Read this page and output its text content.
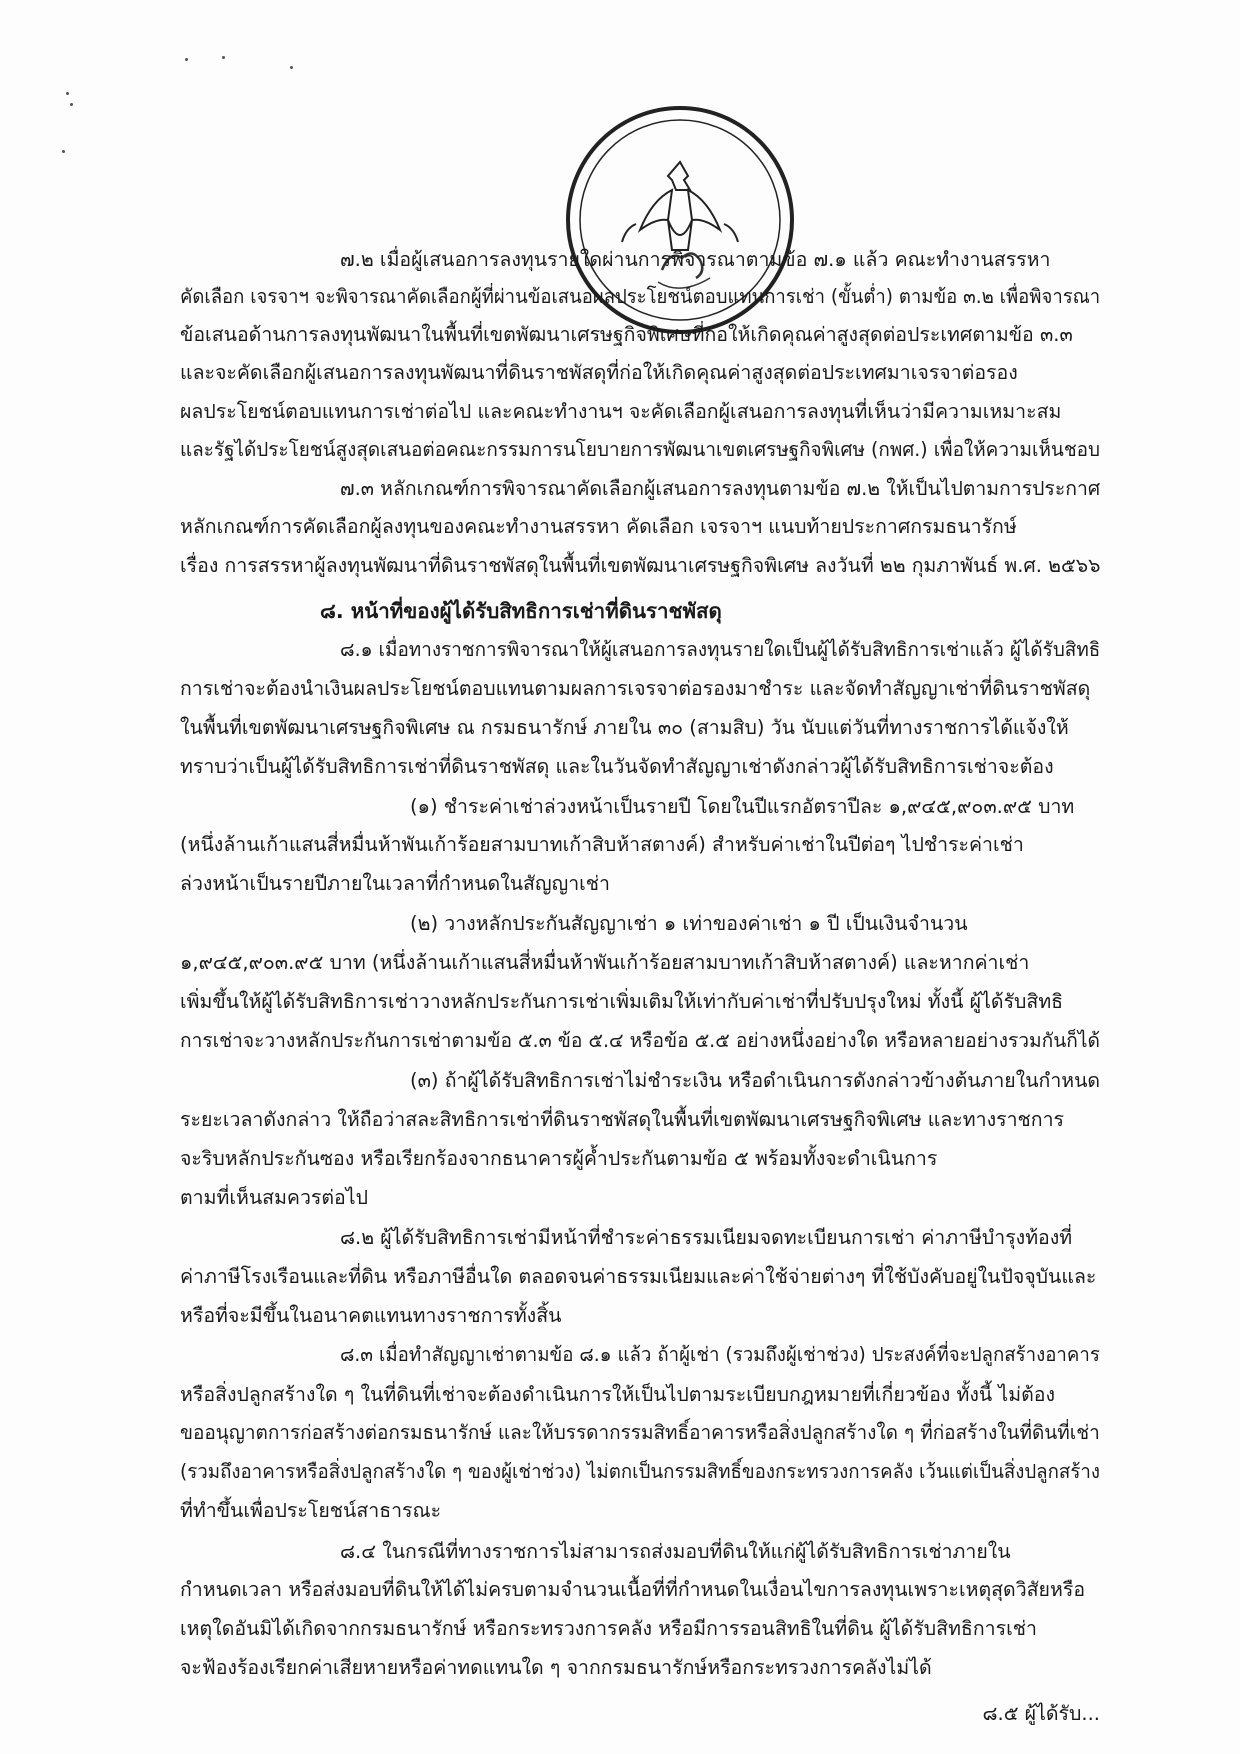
๗.๒ เมื่อผู้เสนอการลงทุนรายใดผ่านการพิจารณาตามข้อ ๗.๑ แล้ว คณะทำงานสรรหา
คัดเลือก เจรจาฯ จะพิจารณาคัดเลือกผู้ที่ผ่านข้อเสนอผลประโยชน์ตอบแทนการเช่า (ขั้นต่ำ) ตามข้อ ๓.๒ เพื่อพิจารณา
ข้อเสนอด้านการลงทุนพัฒนาในพื้นที่เขตพัฒนาเศรษฐกิจพิเศษที่ก่อให้เกิดคุณค่าสูงสุดต่อประเทศตามข้อ ๓.๓
และจะคัดเลือกผู้เสนอการลงทุนพัฒนาที่ดินราชพัสดุที่ก่อให้เกิดคุณค่าสูงสุดต่อประเทศมาเจรจาต่อรอง
ผลประโยชน์ตอบแทนการเช่าต่อไป และคณะทำงานฯ จะคัดเลือกผู้เสนอการลงทุนที่เห็นว่ามีความเหมาะสม
และรัฐได้ประโยชน์สูงสุดเสนอต่อคณะกรรมการนโยบายการพัฒนาเขตเศรษฐกิจพิเศษ (กพศ.) เพื่อให้ความเห็นชอบ
๗.๓ หลักเกณฑ์การพิจารณาคัดเลือกผู้เสนอการลงทุนตามข้อ ๗.๒ ให้เป็นไปตามการประกาศ
หลักเกณฑ์การคัดเลือกผู้ลงทุนของคณะทำงานสรรหา คัดเลือก เจรจาฯ แนบท้ายประกาศกรมธนารักษ์
เรื่อง การสรรหาผู้ลงทุนพัฒนาที่ดินราชพัสดุในพื้นที่เขตพัฒนาเศรษฐกิจพิเศษ ลงวันที่ ๒๒ กุมภาพันธ์ พ.ศ. ๒๕๖๖
๘. หน้าที่ของผู้ได้รับสิทธิการเช่าที่ดินราชพัสดุ
๘.๑ เมื่อทางราชการพิจารณาให้ผู้เสนอการลงทุนรายใดเป็นผู้ได้รับสิทธิการเช่าแล้ว ผู้ได้รับสิทธิ
การเช่าจะต้องนำเงินผลประโยชน์ตอบแทนตามผลการเจรจาต่อรองมาชำระ และจัดทำสัญญาเช่าที่ดินราชพัสดุ
ในพื้นที่เขตพัฒนาเศรษฐกิจพิเศษ ณ กรมธนารักษ์ ภายใน ๓๐ (สามสิบ) วัน นับแต่วันที่ทางราชการได้แจ้งให้
ทราบว่าเป็นผู้ได้รับสิทธิการเช่าที่ดินราชพัสดุ และในวันจัดทำสัญญาเช่าดังกล่าวผู้ได้รับสิทธิการเช่าจะต้อง
(๑) ชำระค่าเช่าล่วงหน้าเป็นรายปี โดยในปีแรกอัตราปีละ ๑,๙๔๕,๙๐๓.๙๕ บาท
(หนึ่งล้านเก้าแสนสี่หมื่นห้าพันเก้าร้อยสามบาทเก้าสิบห้าสตางค์) สำหรับค่าเช่าในปีต่อๆ ไปชำระค่าเช่า
ล่วงหน้าเป็นรายปีภายในเวลาที่กำหนดในสัญญาเช่า
(๒) วางหลักประกันสัญญาเช่า ๑ เท่าของค่าเช่า ๑ ปี เป็นเงินจำนวน
๑,๙๔๕,๙๐๓.๙๕ บาท (หนึ่งล้านเก้าแสนสี่หมื่นห้าพันเก้าร้อยสามบาทเก้าสิบห้าสตางค์) และหากค่าเช่า
เพิ่มขึ้นให้ผู้ได้รับสิทธิการเช่าวางหลักประกันการเช่าเพิ่มเติมให้เท่ากับค่าเช่าที่ปรับปรุงใหม่ ทั้งนี้ ผู้ได้รับสิทธิ
การเช่าจะวางหลักประกันการเช่าตามข้อ ๕.๓ ข้อ ๕.๔ หรือข้อ ๕.๕ อย่างหนึ่งอย่างใด หรือหลายอย่างรวมกันก็ได้
(๓) ถ้าผู้ได้รับสิทธิการเช่าไม่ชำระเงิน หรือดำเนินการดังกล่าวข้างต้นภายในกำหนด
ระยะเวลาดังกล่าว ให้ถือว่าสละสิทธิการเช่าที่ดินราชพัสดุในพื้นที่เขตพัฒนาเศรษฐกิจพิเศษ และทางราชการ
จะริบหลักประกันซอง หรือเรียกร้องจากธนาคารผู้ค้ำประกันตามข้อ ๕ พร้อมทั้งจะดำเนินการ
ตามที่เห็นสมควรต่อไป
๘.๒ ผู้ได้รับสิทธิการเช่ามีหน้าที่ชำระค่าธรรมเนียมจดทะเบียนการเช่า ค่าภาษีบำรุงท้องที่
ค่าภาษีโรงเรือนและที่ดิน หรือภาษีอื่นใด ตลอดจนค่าธรรมเนียมและค่าใช้จ่ายต่างๆ ที่ใช้บังคับอยู่ในปัจจุบันและ
หรือที่จะมีขึ้นในอนาคตแทนทางราชการทั้งสิ้น
๘.๓ เมื่อทำสัญญาเช่าตามข้อ ๘.๑ แล้ว ถ้าผู้เช่า (รวมถึงผู้เช่าช่วง) ประสงค์ที่จะปลูกสร้างอาคาร
หรือสิ่งปลูกสร้างใด ๆ ในที่ดินที่เช่าจะต้องดำเนินการให้เป็นไปตามระเบียบกฎหมายที่เกี่ยวข้อง ทั้งนี้ ไม่ต้อง
ขออนุญาตการก่อสร้างต่อกรมธนารักษ์ และให้บรรดากรรมสิทธิ์อาคารหรือสิ่งปลูกสร้างใด ๆ ที่ก่อสร้างในที่ดินที่เช่า
(รวมถึงอาคารหรือสิ่งปลูกสร้างใด ๆ ของผู้เช่าช่วง) ไม่ตกเป็นกรรมสิทธิ์ของกระทรวงการคลัง เว้นแต่เป็นสิ่งปลูกสร้าง
ที่ทำขึ้นเพื่อประโยชน์สาธารณะ
๘.๔ ในกรณีที่ทางราชการไม่สามารถส่งมอบที่ดินให้แก่ผู้ได้รับสิทธิการเช่าภายใน
กำหนดเวลา หรือส่งมอบที่ดินให้ได้ไม่ครบตามจำนวนเนื้อที่ที่กำหนดในเงื่อนไขการลงทุนเพราะเหตุสุดวิสัยหรือ
เหตุใดอันมิได้เกิดจากกรมธนารักษ์ หรือกระทรวงการคลัง หรือมีการรอนสิทธิในที่ดิน ผู้ได้รับสิทธิการเช่า
จะฟ้องร้องเรียกค่าเสียหายหรือค่าทดแทนใด ๆ จากกรมธนารักษ์หรือกระทรวงการคลังไม่ได้
๘.๕ ผู้ได้รับ...
